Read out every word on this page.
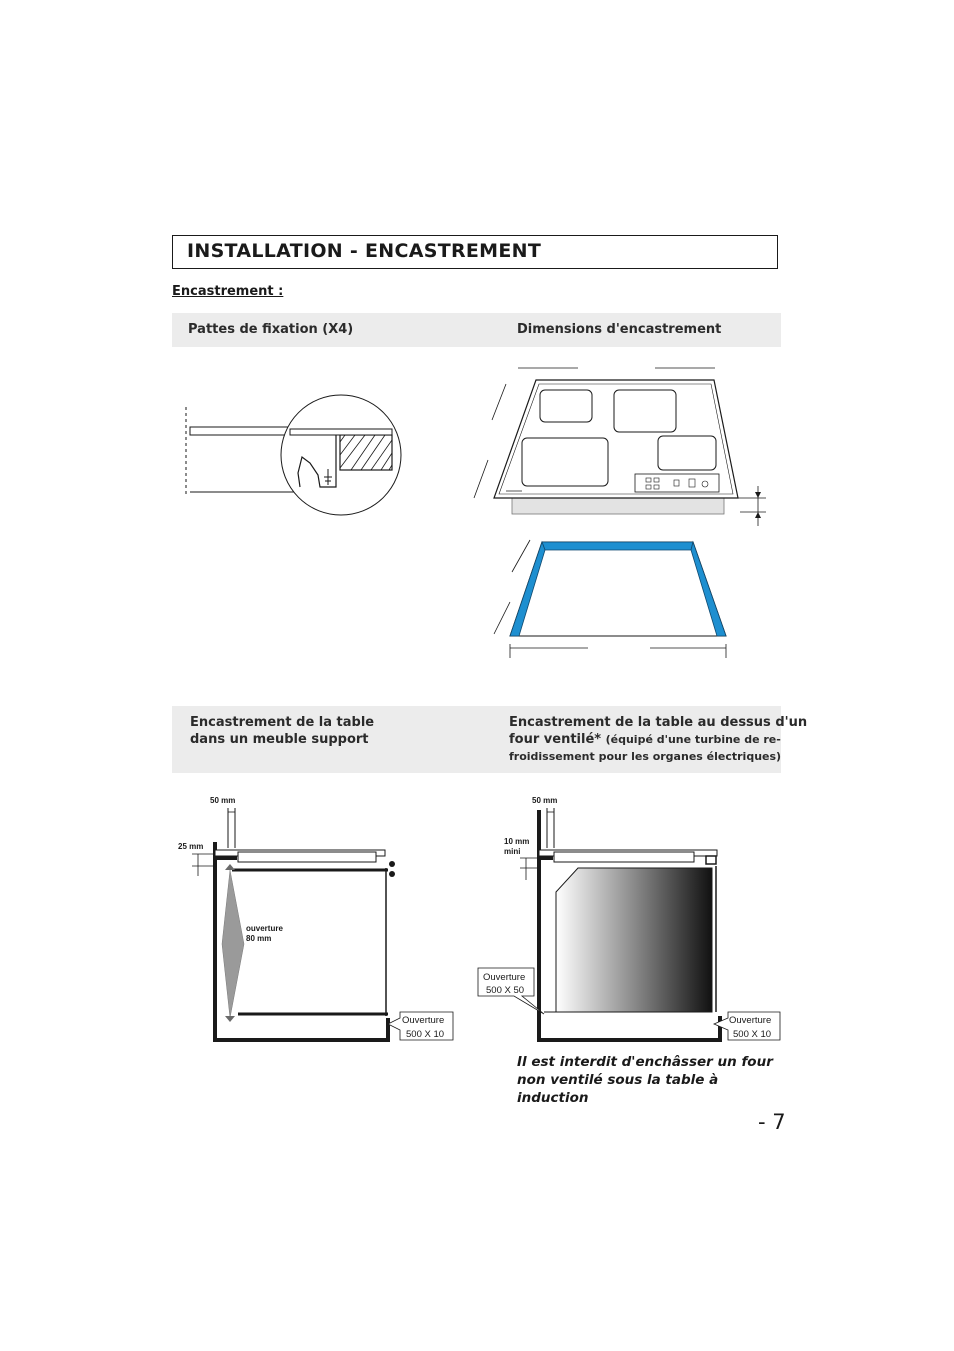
INSTALLATION - ENCASTREMENT
Encastrement :
Pattes de fixation (X4)	Dimensions d'encastrement
Encastrement de la table
dans un meuble support
Encastrement de la table au dessus d'un
four ventilé* (équipé d'une turbine de re-
froidissement pour les organes électriques)
50 mm
25 mm
ouverture
80 mm
Ouverture
500 X 10
50 mm
10 mm
mini
Ouverture
500 X 50
Ouverture
500 X 10
Il est interdit d'enchâsser un four non ventilé sous la table à induction
- 7
